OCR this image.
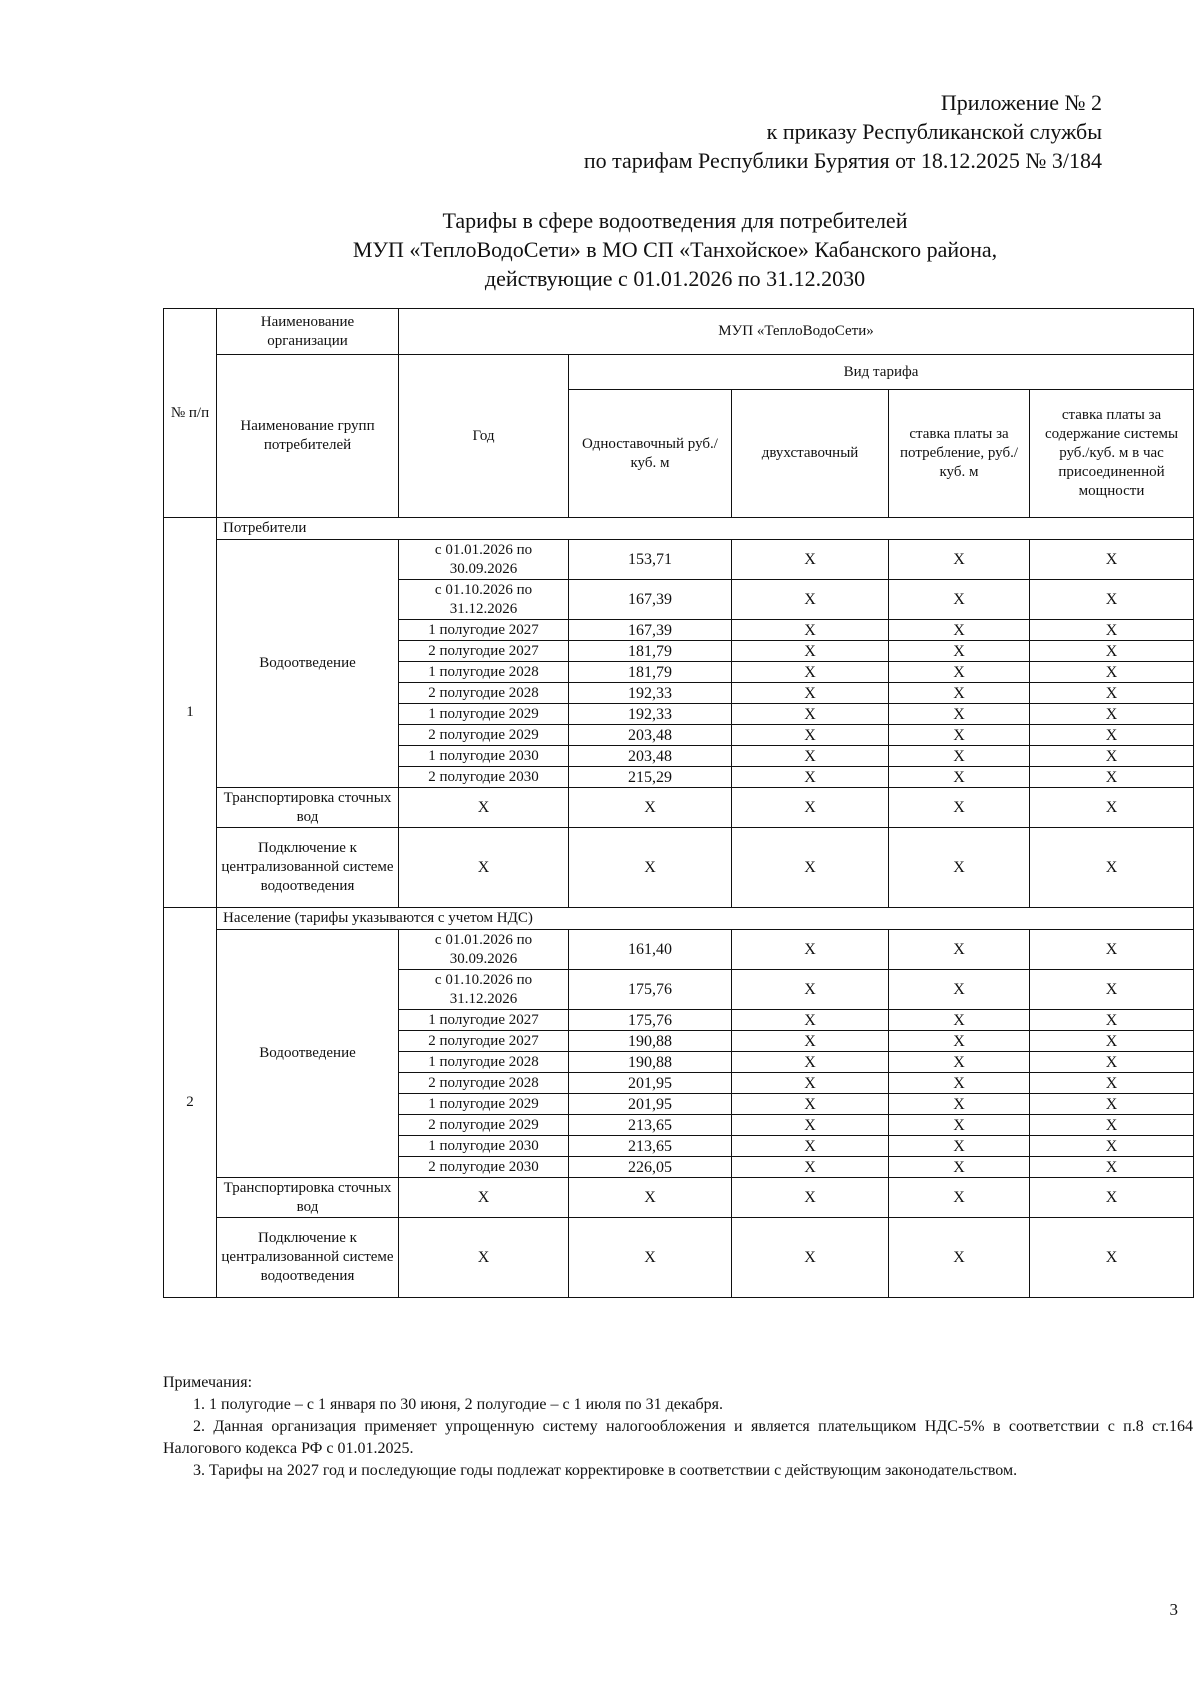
Приложение № 2
к приказу Республиканской службы
по тарифам Республики Бурятия от 18.12.2025 № 3/184
Тарифы в сфере водоотведения для потребителей
МУП «ТеплоВодоСети» в МО СП «Танхойское» Кабанского района,
действующие с 01.01.2026 по 31.12.2030
№ п/п	Наименование организации	МУП «ТеплоВодоСети»				
	Наименование групп потребителей	Год	Вид тарифа			
			Одноставочный руб./ куб. м	двухставочный	ставка платы за потребление, руб./ куб. м	ставка платы за содержание системы руб./куб. м в час присоединенной мощности
1	Потребители					
	Водоотведение	с 01.01.2026 по 30.09.2026	153,71	Х	Х	Х
		с 01.10.2026 по 31.12.2026	167,39	Х	Х	Х
		1 полугодие 2027	167,39	Х	Х	Х
		2 полугодие 2027	181,79	Х	Х	Х
		1 полугодие 2028	181,79	Х	Х	Х
		2 полугодие 2028	192,33	Х	Х	Х
		1 полугодие 2029	192,33	Х	Х	Х
		2 полугодие 2029	203,48	Х	Х	Х
		1 полугодие 2030	203,48	Х	Х	Х
		2 полугодие 2030	215,29	Х	Х	Х
	Транспортировка сточных вод	Х	Х	Х	Х	Х
	Подключение к централизованной системе водоотведения	Х	Х	Х	Х	Х
2	Население (тарифы указываются с учетом НДС)					
	Водоотведение	с 01.01.2026 по 30.09.2026	161,40	Х	Х	Х
		с 01.10.2026 по 31.12.2026	175,76	Х	Х	Х
		1 полугодие 2027	175,76	Х	Х	Х
		2 полугодие 2027	190,88	Х	Х	Х
		1 полугодие 2028	190,88	Х	Х	Х
		2 полугодие 2028	201,95	Х	Х	Х
		1 полугодие 2029	201,95	Х	Х	Х
		2 полугодие 2029	213,65	Х	Х	Х
		1 полугодие 2030	213,65	Х	Х	Х
		2 полугодие 2030	226,05	Х	Х	Х
	Транспортировка сточных вод	Х	Х	Х	Х	Х
	Подключение к централизованной системе водоотведения	Х	Х	Х	Х	Х

Примечания:

1. 1 полугодие – с 1 января по 30 июня, 2 полугодие – с 1 июля по 31 декабря.

2. Данная организация применяет упрощенную систему налогообложения и является плательщиком НДС-5% в соответствии с п.8 ст.164 Налогового кодекса РФ с 01.01.2025.

3. Тарифы на 2027 год и последующие годы подлежат корректировке в соответствии с действующим законодательством.

3
